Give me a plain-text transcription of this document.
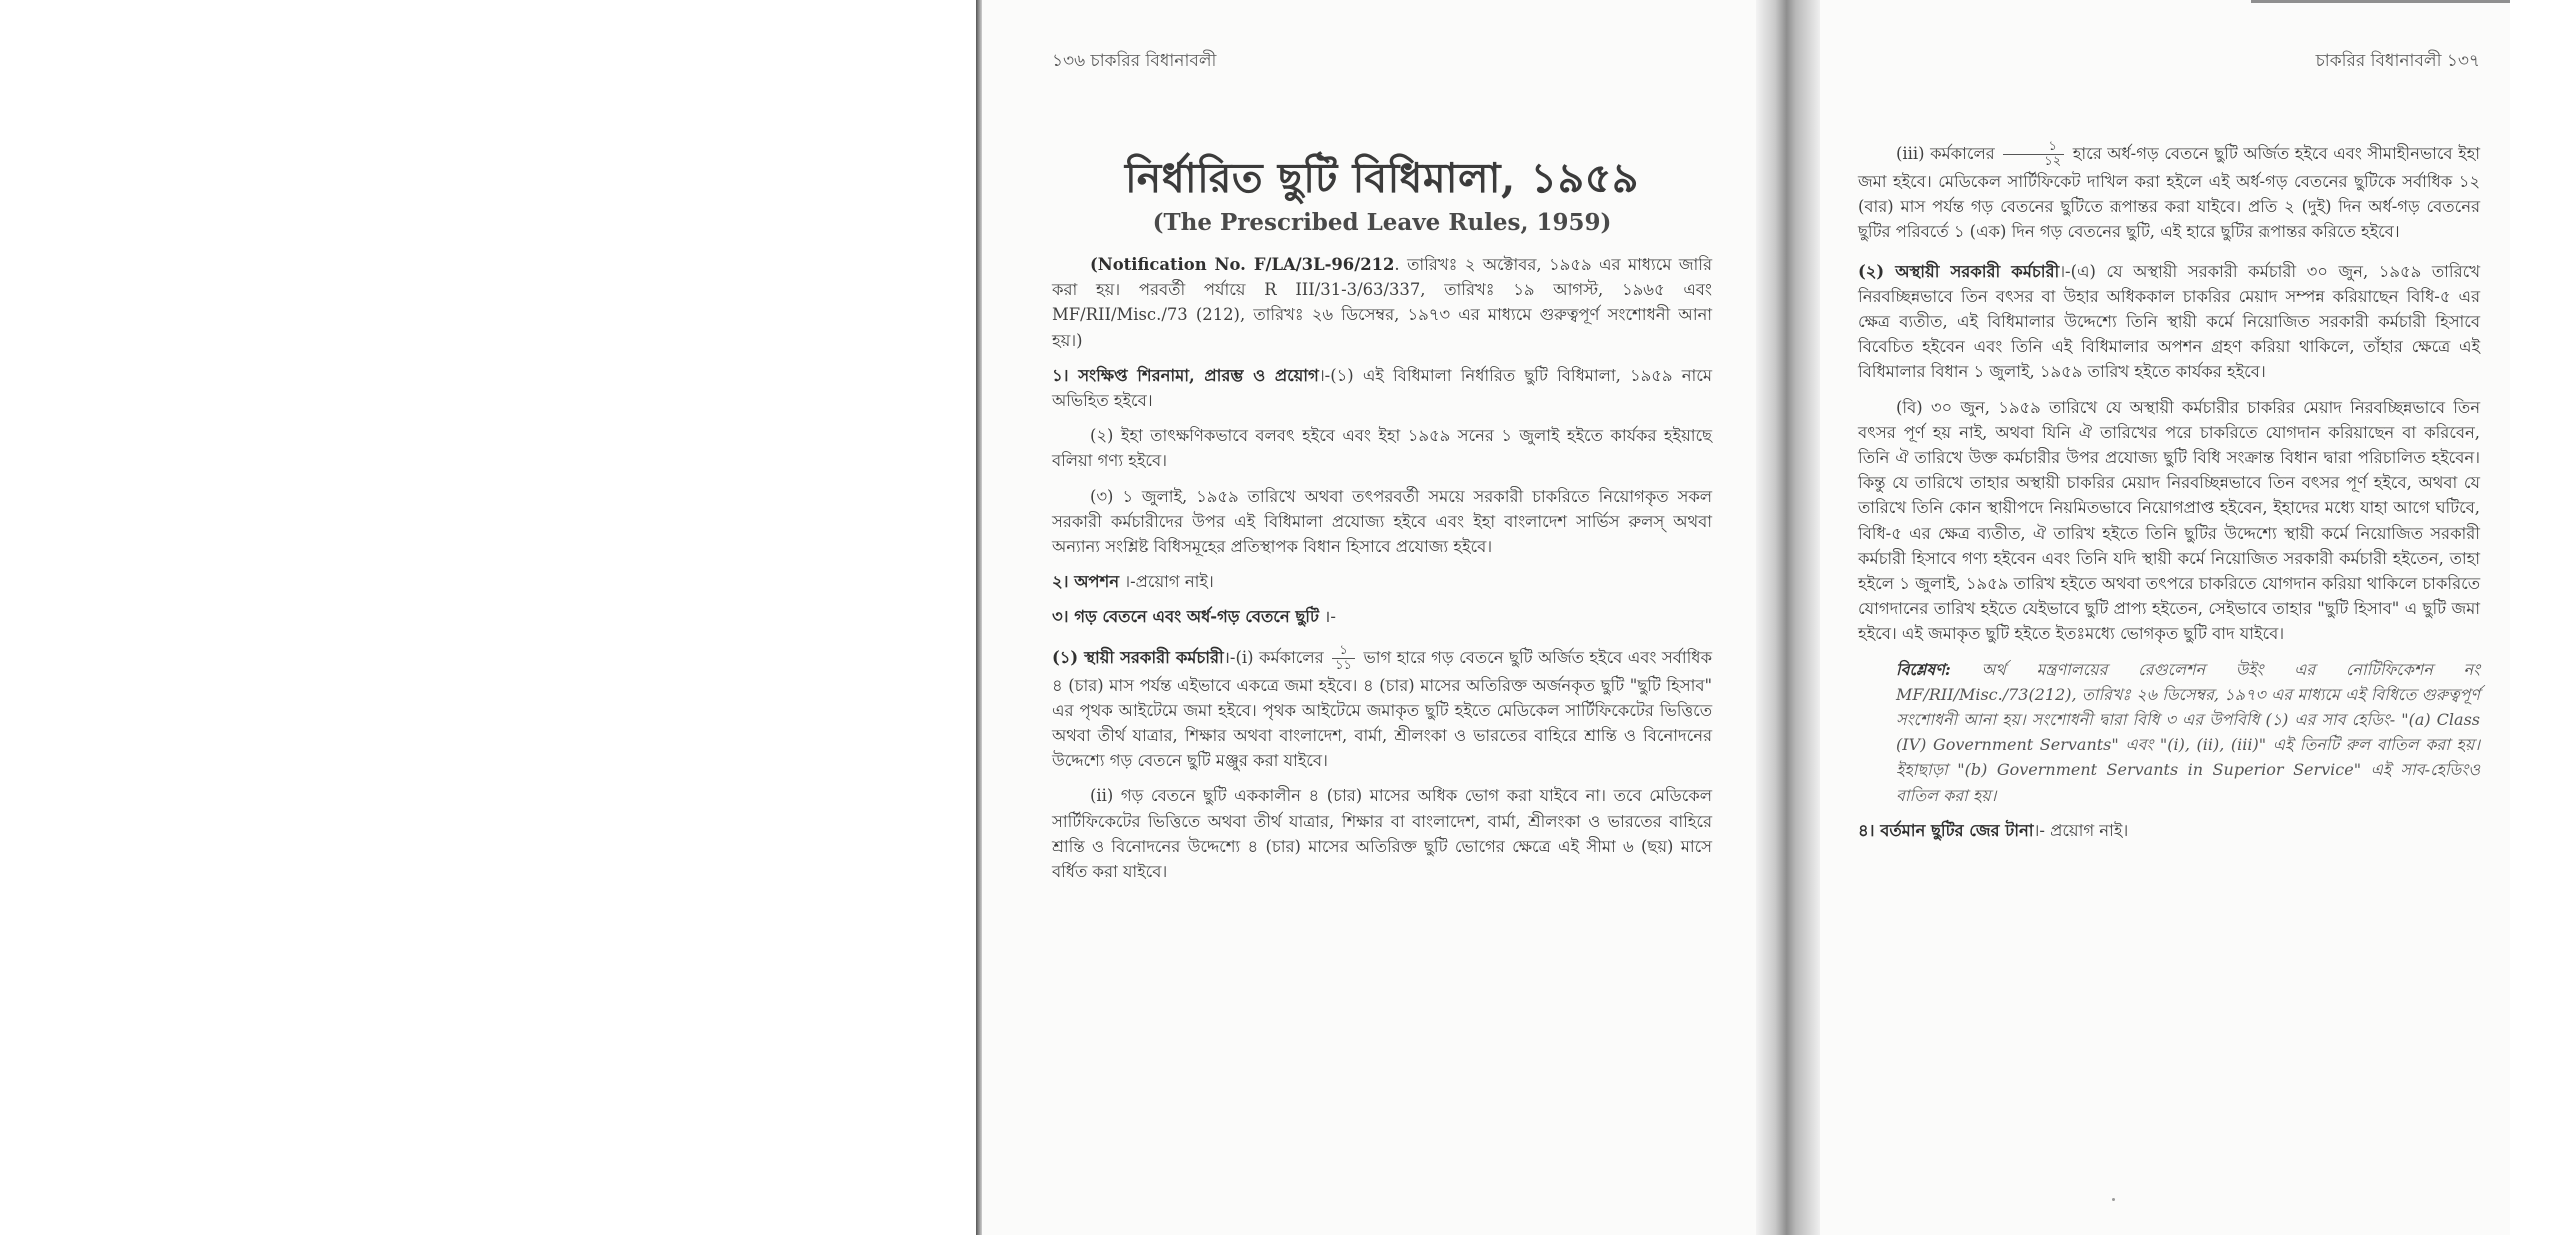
১৩৬ চাকরির বিধানাবলী
নির্ধারিত ছুটি বিধিমালা, ১৯৫৯
(The Prescribed Leave Rules, 1959)

(Notification No. F/LA/3L-96/212. তারিখঃ ২ অক্টোবর, ১৯৫৯ এর মাধ্যমে জারি করা হয়। পরবর্তী পর্যায়ে R III/31-3/63/337, তারিখঃ ১৯ আগস্ট, ১৯৬৫ এবং MF/RII/Misc./73 (212), তারিখঃ ২৬ ডিসেম্বর, ১৯৭৩ এর মাধ্যমে গুরুত্বপূর্ণ সংশোধনী আনা হয়।)

১। সংক্ষিপ্ত শিরনামা, প্রারম্ভ ও প্রয়োগ।-(১) এই বিধিমালা নির্ধারিত ছুটি বিধিমালা, ১৯৫৯ নামে অভিহিত হইবে।

(২) ইহা তাৎক্ষণিকভাবে বলবৎ হইবে এবং ইহা ১৯৫৯ সনের ১ জুলাই হইতে কার্যকর হইয়াছে বলিয়া গণ্য হইবে।

(৩) ১ জুলাই, ১৯৫৯ তারিখে অথবা তৎপরবর্তী সময়ে সরকারী চাকরিতে নিয়োগকৃত সকল সরকারী কর্মচারীদের উপর এই বিধিমালা প্রযোজ্য হইবে এবং ইহা বাংলাদেশ সার্ভিস রুলস্ অথবা অন্যান্য সংশ্লিষ্ট বিধিসমূহের প্রতিস্থাপক বিধান হিসাবে প্রযোজ্য হইবে।

২। অপশন ।-প্রয়োগ নাই।

৩। গড় বেতনে এবং অর্ধ-গড় বেতনে ছুটি ।-

(১) স্থায়ী সরকারী কর্মচারী।-(i) কর্মকালের $\frac{১}{১১}$ ভাগ হারে গড় বেতনে ছুটি অর্জিত হইবে এবং সর্বাধিক ৪ (চার) মাস পর্যন্ত এইভাবে একত্রে জমা হইবে। ৪ (চার) মাসের অতিরিক্ত অর্জনকৃত ছুটি "ছুটি হিসাব" এর পৃথক আইটেমে জমা হইবে। পৃথক আইটেমে জমাকৃত ছুটি হইতে মেডিকেল সার্টিফিকেটের ভিত্তিতে অথবা তীর্থ যাত্রার, শিক্ষার অথবা বাংলাদেশ, বার্মা, শ্রীলংকা ও ভারতের বাহিরে শ্রান্তি ও বিনোদনের উদ্দেশ্যে গড় বেতনে ছুটি মঞ্জুর করা যাইবে।

(ii) গড় বেতনে ছুটি এককালীন ৪ (চার) মাসের অধিক ভোগ করা যাইবে না। তবে মেডিকেল সার্টিফিকেটের ভিত্তিতে অথবা তীর্থ যাত্রার, শিক্ষার বা বাংলাদেশ, বার্মা, শ্রীলংকা ও ভারতের বাহিরে শ্রান্তি ও বিনোদনের উদ্দেশ্যে ৪ (চার) মাসের অতিরিক্ত ছুটি ভোগের ক্ষেত্রে এই সীমা ৬ (ছয়) মাসে বর্ধিত করা যাইবে।

চাকরির বিধানাবলী ১৩৭

(iii) কর্মকালের $\frac{১}{১২}$ হারে অর্ধ-গড় বেতনে ছুটি অর্জিত হইবে এবং সীমাহীনভাবে ইহা জমা হইবে। মেডিকেল সার্টিফিকেট দাখিল করা হইলে এই অর্ধ-গড় বেতনের ছুটিকে সর্বাধিক ১২ (বার) মাস পর্যন্ত গড় বেতনের ছুটিতে রূপান্তর করা যাইবে। প্রতি ২ (দুই) দিন অর্ধ-গড় বেতনের ছুটির পরিবর্তে ১ (এক) দিন গড় বেতনের ছুটি, এই হারে ছুটির রূপান্তর করিতে হইবে।

(২) অস্থায়ী সরকারী কর্মচারী।-(এ) যে অস্থায়ী সরকারী কর্মচারী ৩০ জুন, ১৯৫৯ তারিখে নিরবচ্ছিন্নভাবে তিন বৎসর বা উহার অধিককাল চাকরির মেয়াদ সম্পন্ন করিয়াছেন বিধি-৫ এর ক্ষেত্র ব্যতীত, এই বিধিমালার উদ্দেশ্যে তিনি স্থায়ী কর্মে নিয়োজিত সরকারী কর্মচারী হিসাবে বিবেচিত হইবেন এবং তিনি এই বিধিমালার অপশন গ্রহণ করিয়া থাকিলে, তাঁহার ক্ষেত্রে এই বিধিমালার বিধান ১ জুলাই, ১৯৫৯ তারিখ হইতে কার্যকর হইবে।

(বি) ৩০ জুন, ১৯৫৯ তারিখে যে অস্থায়ী কর্মচারীর চাকরির মেয়াদ নিরবচ্ছিন্নভাবে তিন বৎসর পূর্ণ হয় নাই, অথবা যিনি ঐ তারিখের পরে চাকরিতে যোগদান করিয়াছেন বা করিবেন, তিনি ঐ তারিখে উক্ত কর্মচারীর উপর প্রযোজ্য ছুটি বিধি সংক্রান্ত বিধান দ্বারা পরিচালিত হইবেন। কিন্তু যে তারিখে তাহার অস্থায়ী চাকরির মেয়াদ নিরবচ্ছিন্নভাবে তিন বৎসর পূর্ণ হইবে, অথবা যে তারিখে তিনি কোন স্থায়ীপদে নিয়মিতভাবে নিয়োগপ্রাপ্ত হইবেন, ইহাদের মধ্যে যাহা আগে ঘটিবে, বিধি-৫ এর ক্ষেত্র ব্যতীত, ঐ তারিখ হইতে তিনি ছুটির উদ্দেশ্যে স্থায়ী কর্মে নিয়োজিত সরকারী কর্মচারী হিসাবে গণ্য হইবেন এবং তিনি যদি স্থায়ী কর্মে নিয়োজিত সরকারী কর্মচারী হইতেন, তাহা হইলে ১ জুলাই, ১৯৫৯ তারিখ হইতে অথবা তৎপরে চাকরিতে যোগদান করিয়া থাকিলে চাকরিতে যোগদানের তারিখ হইতে যেইভাবে ছুটি প্রাপ্য হইতেন, সেইভাবে তাহার "ছুটি হিসাব" এ ছুটি জমা হইবে। এই জমাকৃত ছুটি হইতে ইতঃমধ্যে ভোগকৃত ছুটি বাদ যাইবে।

বিশ্লেষণ: অর্থ মন্ত্রণালয়ের রেগুলেশন উইং এর নোটিফিকেশন নং MF/RII/Misc./73(212), তারিখঃ ২৬ ডিসেম্বর, ১৯৭৩ এর মাধ্যমে এই বিধিতে গুরুত্বপূর্ণ সংশোধনী আনা হয়। সংশোধনী দ্বারা বিধি ৩ এর উপবিধি (১) এর সাব হেডিং- "(a) Class (IV) Government Servants" এবং "(i), (ii), (iii)" এই তিনটি রুল বাতিল করা হয়। ইহাছাড়া "(b) Government Servants in Superior Service" এই সাব-হেডিংও বাতিল করা হয়।

৪। বর্তমান ছুটির জের টানা।- প্রয়োগ নাই।
